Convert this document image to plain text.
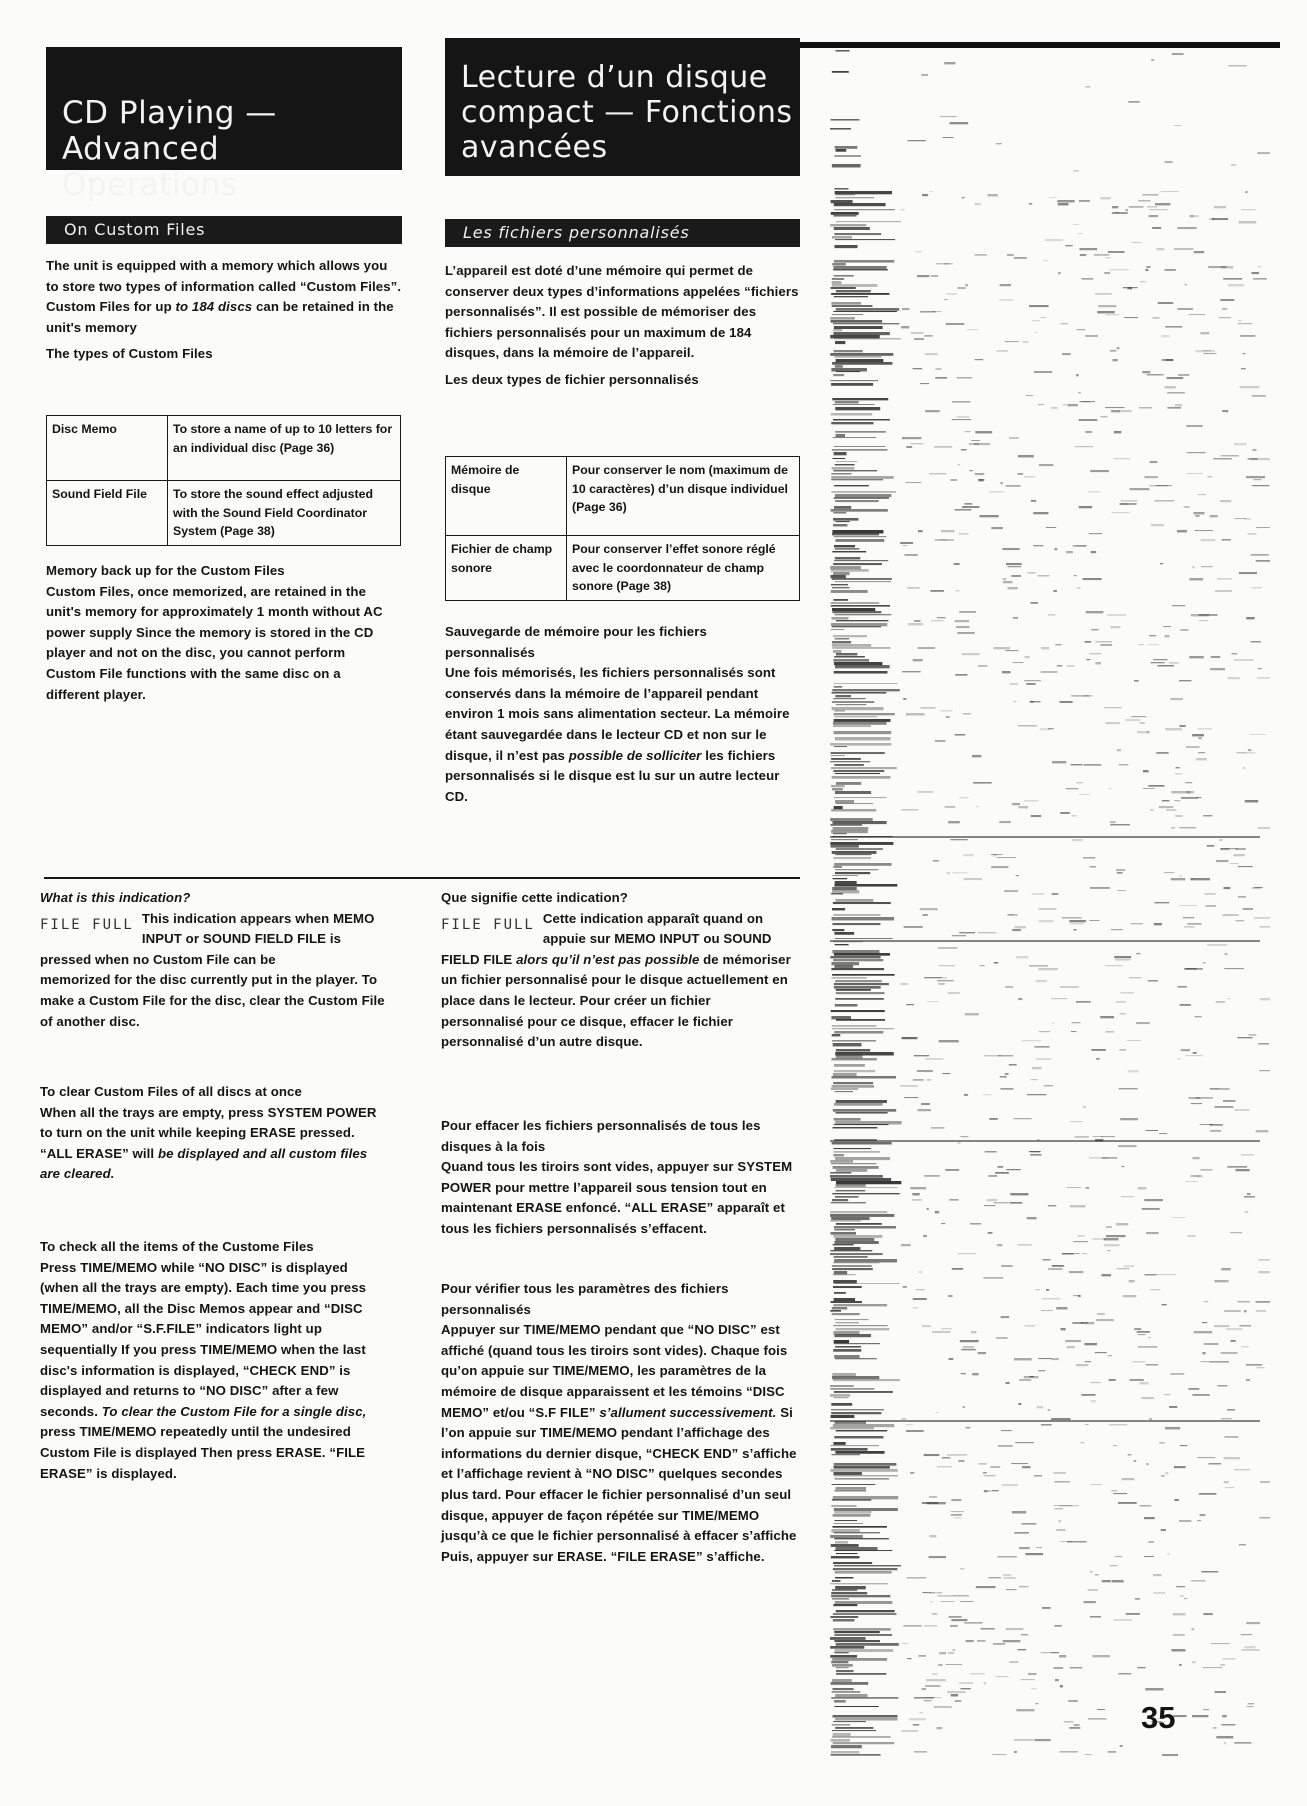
CD Playing —
Advanced Operations
Lecture d’un disque
compact — Fonctions
avancées
On Custom Files	Les fichiers personnalisés

The unit is equipped with a memory which allows you to store two types of information called “Custom Files”. Custom Files for up to 184 discs can be retained in the unit's memory

The types of Custom Files

Disc Memo	To store a name of up to 10 letters for an individual disc (Page 36)
Sound Field File	To store the sound effect adjusted with the Sound Field Coordinator System (Page 38)

Memory back up for the Custom Files

Custom Files, once memorized, are retained in the unit's memory for approximately 1 month without AC power supply Since the memory is stored in the CD player and not on the disc, you cannot perform Custom File functions with the same disc on a different player.

L’appareil est doté d’une mémoire qui permet de conserver deux types d’informations appelées “fichiers personnalisés”. Il est possible de mémoriser des fichiers personnalisés pour un maximum de 184 disques, dans la mémoire de l’appareil.

Les deux types de fichier personnalisés

Mémoire de disque	Pour conserver le nom (maximum de 10 caractères) d’un disque individuel (Page 36)
Fichier de champ sonore	Pour conserver l’effet sonore réglé avec le coordonnateur de champ sonore (Page 38)

Sauvegarde de mémoire pour les fichiers personnalisés

Une fois mémorisés, les fichiers personnalisés sont conservés dans la mémoire de l’appareil pendant environ 1 mois sans alimentation secteur. La mémoire étant sauvegardée dans le lecteur CD et non sur le disque, il n’est pas possible de solliciter les fichiers personnalisés si le disque est lu sur un autre lecteur CD.

What is this indication?

FILE FULL This indication appears when MEMO INPUT or SOUND FIELD FILE is pressed when no Custom File can be

memorized for the disc currently put in the player. To make a Custom File for the disc, clear the Custom File of another disc.

To clear Custom Files of all discs at once

When all the trays are empty, press SYSTEM POWER to turn on the unit while keeping ERASE pressed. “ALL ERASE” will be displayed and all custom files are cleared.

To check all the items of the Custome Files

Press TIME/MEMO while “NO DISC” is displayed (when all the trays are empty). Each time you press TIME/MEMO, all the Disc Memos appear and “DISC MEMO” and/or “S.F.FILE” indicators light up sequentially If you press TIME/MEMO when the last disc's information is displayed, “CHECK END” is displayed and returns to “NO DISC” after a few seconds. To clear the Custom File for a single disc, press TIME/MEMO repeatedly until the undesired Custom File is displayed Then press ERASE. “FILE ERASE” is displayed.

Que signifie cette indication?

FILE FULL Cette indication apparaît quand on appuie sur MEMO INPUT ou SOUND FIELD FILE alors qu’il n’est pas possible de mémoriser un fichier personnalisé pour le disque actuellement en place dans le lecteur. Pour créer un fichier personnalisé pour ce disque, effacer le fichier personnalisé d’un autre disque.

Pour effacer les fichiers personnalisés de tous les disques à la fois

Quand tous les tiroirs sont vides, appuyer sur SYSTEM POWER pour mettre l’appareil sous tension tout en maintenant ERASE enfoncé. “ALL ERASE” apparaît et tous les fichiers personnalisés s’effacent.

Pour vérifier tous les paramètres des fichiers personnalisés

Appuyer sur TIME/MEMO pendant que “NO DISC” est affiché (quand tous les tiroirs sont vides). Chaque fois qu’on appuie sur TIME/MEMO, les paramètres de la mémoire de disque apparaissent et les témoins “DISC MEMO” et/ou “S.F FILE” s’allument successivement. Si l’on appuie sur TIME/MEMO pendant l’affichage des informations du dernier disque, “CHECK END” s’affiche et l’affichage revient à “NO DISC” quelques secondes plus tard. Pour effacer le fichier personnalisé d’un seul disque, appuyer de façon répétée sur TIME/MEMO jusqu’à ce que le fichier personnalisé à effacer s’affiche Puis, appuyer sur ERASE. “FILE ERASE” s’affiche.

35
